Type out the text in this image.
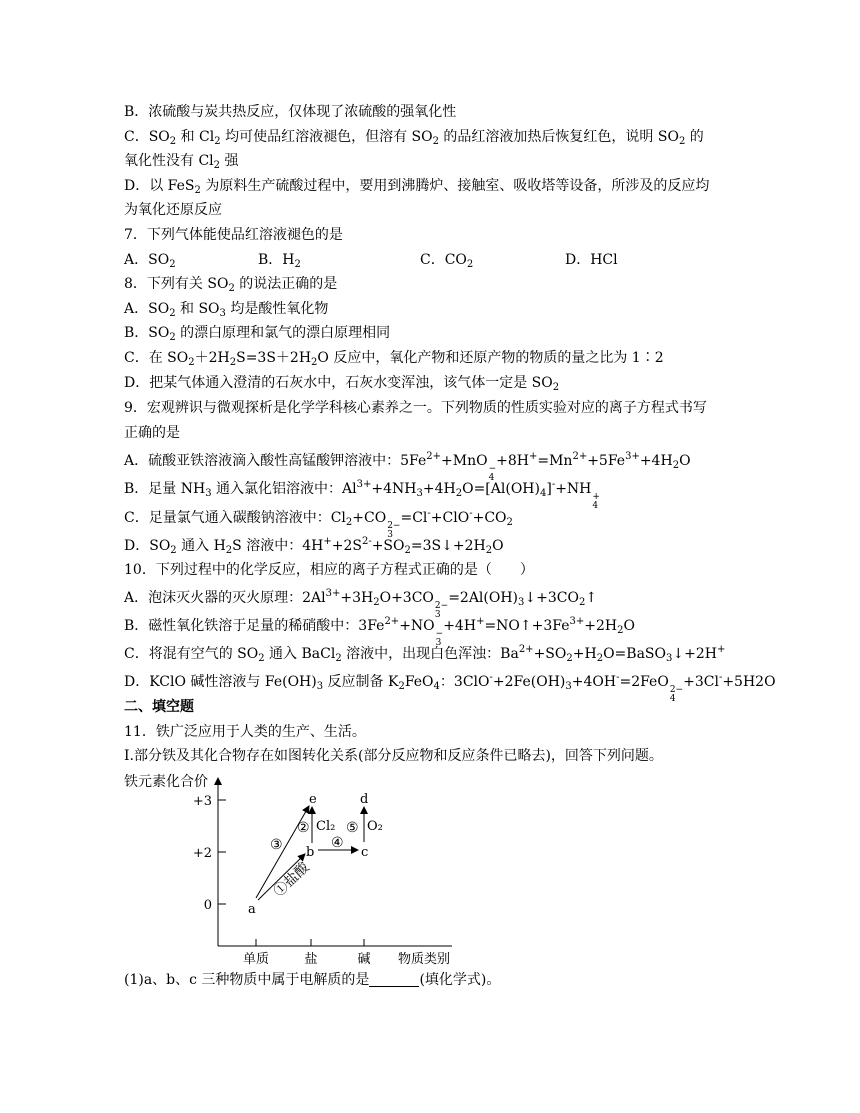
B．浓硫酸与炭共热反应，仅体现了浓硫酸的强氧化性
C．$SO_2$ 和 $Cl_2$ 均可使品红溶液褪色，但溶有 $SO_2$ 的品红溶液加热后恢复红色，说明 $SO_2$ 的
氧化性没有 $Cl_2$ 强
D．以 FeS$_2$ 为原料生产硫酸过程中，要用到沸腾炉、接触室、吸收塔等设备，所涉及的反应均
为氧化还原反应
7．下列气体能使品红溶液褪色的是
A．$SO_2$	B．$H_2$	C．$CO_2$	D．HCl
8．下列有关 $SO_2$ 的说法正确的是
A．$SO_2$ 和 $SO_3$ 均是酸性氧化物
B．$SO_2$ 的漂白原理和氯气的漂白原理相同
C．在 $SO_2+2H_2S=3S+2H_2O$ 反应中，氧化产物和还原产物的物质的量之比为 1∶2
D．把某气体通入澄清的石灰水中，石灰水变浑浊，该气体一定是 $SO_2$
9．宏观辨识与微观探析是化学学科核心素养之一。下列物质的性质实验对应的离子方程式书写
正确的是
A．硫酸亚铁溶液滴入酸性高锰酸钾溶液中：$5Fe^{2+}+MnO$ −
4
$+8H^+=Mn^{2+}+5Fe^{3+}+4H_2O$
B．足量 $NH_3$ 通入氯化铝溶液中：$Al^{3+}+4NH_3+4H_2O=[Al(OH)_4]^-+NH$ +
4
C．足量氯气通入碳酸钠溶液中：$Cl_2+CO$ 2−
3
$=Cl^-+ClO^-+CO_2$
D．$SO_2$ 通入 $H_2S$ 溶液中：$4H^++2S^{2-}+SO_2=3S↓+2H_2O$
10．下列过程中的化学反应，相应的离子方程式正确的是（　　）
A．泡沫灭火器的灭火原理：$2Al^{3+}+3H_2O+3CO$ 2−
3
$=2Al(OH)_3↓+3CO_2↑$
B．磁性氧化铁溶于足量的稀硝酸中：$3Fe^{2+}+NO$ −
3
$+4H^+=NO↑+3Fe^{3+}+2H_2O$
C．将混有空气的 $SO_2$ 通入 BaCl$_2$ 溶液中，出现白色浑浊：$Ba^{2+}+SO_2+H_2O=BaSO_3↓+2H^+$
D．KClO 碱性溶液与 $Fe(OH)_3$ 反应制备 $K_2FeO_4$：$3ClO^-+2Fe(OH)_3+4OH^-=2FeO$ 2−
4
+3Cl-+5H2O
二、填空题
11．铁广泛应用于人类的生产、生活。
Ⅰ.部分铁及其化合物存在如图转化关系(部分反应物和反应条件已略去)，回答下列问题。
铁元素化合价
+3
+2
0
单质	盐	碱 物质类别
a
b	c
d
e
③
② Cl₂ ⑤ O₂
④
①盐酸
(1)a、b、c 三种物质中属于电解质的是	(填化学式)。
